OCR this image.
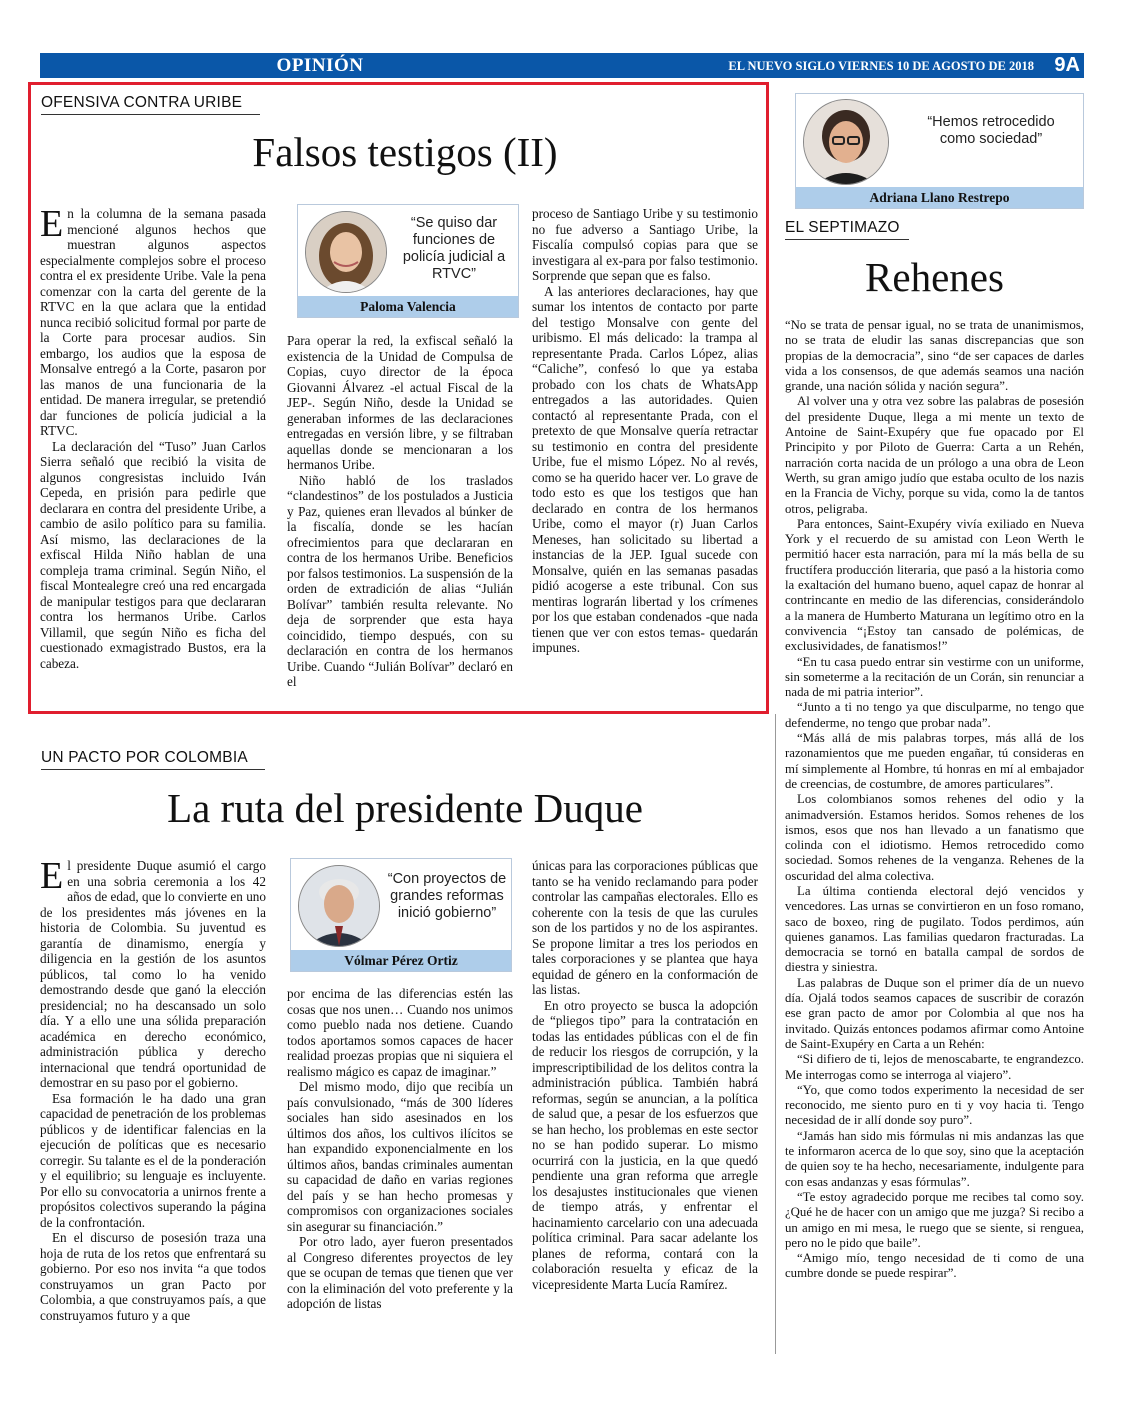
OPINIÓN	EL NUEVO SIGLO VIERNES 10 DE AGOSTO DE 2018 9A
OFENSIVA CONTRA URIBE
Falsos testigos (II)

En la columna de la semana pasada mencioné algunos hechos que muestran algunos aspectos especialmente complejos sobre el proceso contra el ex presidente Uribe. Vale la pena comenzar con la carta del gerente de la RTVC en la que aclara que la entidad nunca recibió solicitud formal por parte de la Corte para procesar audios. Sin embargo, los audios que la esposa de Monsalve entregó a la Corte, pasaron por las manos de una funcionaria de la entidad. De manera irregular, se pretendió dar funciones de policía judicial a la RTVC.

La declaración del “Tuso” Juan Carlos Sierra señaló que recibió la visita de algunos congresistas incluido Iván Cepeda, en prisión para pedirle que declarara en contra del presidente Uribe, a cambio de asilo político para su familia. Así mismo, las declaraciones de la exfiscal Hilda Niño hablan de una compleja trama criminal. Según Niño, el fiscal Montealegre creó una red encargada de manipular testigos para que declararan contra los hermanos Uribe. Carlos Villamil, que según Niño es ficha del cuestionado exmagistrado Bustos, era la cabeza.

“Se quiso dar funciones de policía judicial a RTVC”
Paloma Valencia

Para operar la red, la exfiscal señaló la existencia de la Unidad de Compulsa de Copias, cuyo director de la época Giovanni Álvarez -el actual Fiscal de la JEP-. Según Niño, desde la Unidad se generaban informes de las declaraciones entregadas en versión libre, y se filtraban aquellas donde se mencionaran a los hermanos Uribe.

Niño habló de los traslados “clandestinos” de los postulados a Justicia y Paz, quienes eran llevados al búnker de la fiscalía, donde se les hacían ofrecimientos para que declararan en contra de los hermanos Uribe. Beneficios por falsos testimonios. La suspensión de la orden de extradición de alias “Julián Bolívar” también resulta relevante. No deja de sorprender que esta haya coincidido, tiempo después, con su declaración en contra de los hermanos Uribe. Cuando “Julián Bolívar” declaró en el

proceso de Santiago Uribe y su testimonio no fue adverso a Santiago Uribe, la Fiscalía compulsó copias para que se investigara al ex-para por falso testimonio. Sorprende que sepan que es falso.

A las anteriores declaraciones, hay que sumar los intentos de contacto por parte del testigo Monsalve con gente del uribismo. El más delicado: la trampa al representante Prada. Carlos López, alias “Caliche”, confesó lo que ya estaba probado con los chats de WhatsApp entregados a las autoridades. Quien contactó al representante Prada, con el pretexto de que Monsalve quería retractar su testimonio en contra del presidente Uribe, fue el mismo López. No al revés, como se ha querido hacer ver. Lo grave de todo esto es que los testigos que han declarado en contra de los hermanos Uribe, como el mayor (r) Juan Carlos Meneses, han solicitado su libertad a instancias de la JEP. Igual sucede con Monsalve, quién en las semanas pasadas pidió acogerse a este tribunal. Con sus mentiras lograrán libertad y los crímenes por los que estaban condenados -que nada tienen que ver con estos temas- quedarán impunes.

UN PACTO POR COLOMBIA
La ruta del presidente Duque

El presidente Duque asumió el cargo en una sobria ceremonia a los 42 años de edad, que lo convierte en uno de los presidentes más jóvenes en la historia de Colombia. Su juventud es garantía de dinamismo, energía y diligencia en la gestión de los asuntos públicos, tal como lo ha venido demostrando desde que ganó la elección presidencial; no ha descansado un solo día. Y a ello une una sólida preparación académica en derecho económico, administración pública y derecho internacional que tendrá oportunidad de demostrar en su paso por el gobierno.

Esa formación le ha dado una gran capacidad de penetración de los problemas públicos y de identificar falencias en la ejecución de políticas que es necesario corregir. Su talante es el de la ponderación y el equilibrio; su lenguaje es incluyente. Por ello su convocatoria a unirnos frente a propósitos colectivos superando la página de la confrontación.

En el discurso de posesión traza una hoja de ruta de los retos que enfrentará su gobierno. Por eso nos invita “a que todos construyamos un gran Pacto por Colombia, a que construyamos país, a que construyamos futuro y a que

“Con proyectos de grandes reformas inició gobierno”
Vólmar Pérez Ortiz

por encima de las diferencias estén las cosas que nos unen… Cuando nos unimos como pueblo nada nos detiene. Cuando todos aportamos somos capaces de hacer realidad proezas propias que ni siquiera el realismo mágico es capaz de imaginar.”

Del mismo modo, dijo que recibía un país convulsionado, “más de 300 líderes sociales han sido asesinados en los últimos dos años, los cultivos ilícitos se han expandido exponencialmente en los últimos años, bandas criminales aumentan su capacidad de daño en varias regiones del país y se han hecho promesas y compromisos con organizaciones sociales sin asegurar su financiación.”

Por otro lado, ayer fueron presentados al Congreso diferentes proyectos de ley que se ocupan de temas que tienen que ver con la eliminación del voto preferente y la adopción de listas

únicas para las corporaciones públicas que tanto se ha venido reclamando para poder controlar las campañas electorales. Ello es coherente con la tesis de que las curules son de los partidos y no de los aspirantes. Se propone limitar a tres los periodos en tales corporaciones y se plantea que haya equidad de género en la conformación de las listas.

En otro proyecto se busca la adopción de “pliegos tipo” para la contratación en todas las entidades públicas con el de fin de reducir los riesgos de corrupción, y la imprescriptibilidad de los delitos contra la administración pública. También habrá reformas, según se anuncian, a la política de salud que, a pesar de los esfuerzos que se han hecho, los problemas en este sector no se han podido superar. Lo mismo ocurrirá con la justicia, en la que quedó pendiente una gran reforma que arregle los desajustes institucionales que vienen de tiempo atrás, y enfrentar el hacinamiento carcelario con una adecuada política criminal. Para sacar adelante los planes de reforma, contará con la colaboración resuelta y eficaz de la vicepresidente Marta Lucía Ramírez.

“Hemos retrocedido como sociedad”
Adriana Llano Restrepo
EL SEPTIMAZO
Rehenes

“No se trata de pensar igual, no se trata de unanimismos, no se trata de eludir las sanas discrepancias que son propias de la democracia”, sino “de ser capaces de darles vida a los consensos, de que además seamos una nación grande, una nación sólida y nación segura”.

Al volver una y otra vez sobre las palabras de posesión del presidente Duque, llega a mi mente un texto de Antoine de Saint-Exupéry que fue opacado por El Principito y por Piloto de Guerra: Carta a un Rehén, narración corta nacida de un prólogo a una obra de Leon Werth, su gran amigo judío que estaba oculto de los nazis en la Francia de Vichy, porque su vida, como la de tantos otros, peligraba.

Para entonces, Saint-Exupéry vivía exiliado en Nueva York y el recuerdo de su amistad con Leon Werth le permitió hacer esta narración, para mí la más bella de su fructífera producción literaria, que pasó a la historia como la exaltación del humano bueno, aquel capaz de honrar al contrincante en medio de las diferencias, considerándolo a la manera de Humberto Maturana un legítimo otro en la convivencia “¡Estoy tan cansado de polémicas, de exclusividades, de fanatismos!”

“En tu casa puedo entrar sin vestirme con un uniforme, sin someterme a la recitación de un Corán, sin renunciar a nada de mi patria interior”.

“Junto a ti no tengo ya que disculparme, no tengo que defenderme, no tengo que probar nada”.

“Más allá de mis palabras torpes, más allá de los razonamientos que me pueden engañar, tú consideras en mí simplemente al Hombre, tú honras en mí al embajador de creencias, de costumbre, de amores particulares”.

Los colombianos somos rehenes del odio y la animadversión. Estamos heridos. Somos rehenes de los ismos, esos que nos han llevado a un fanatismo que colinda con el idiotismo. Hemos retrocedido como sociedad. Somos rehenes de la venganza. Rehenes de la oscuridad del alma colectiva.

La última contienda electoral dejó vencidos y vencedores. Las urnas se convirtieron en un foso romano, saco de boxeo, ring de pugilato. Todos perdimos, aún quienes ganamos. Las familias quedaron fracturadas. La democracia se tornó en batalla campal de sordos de diestra y siniestra.

Las palabras de Duque son el primer día de un nuevo día. Ojalá todos seamos capaces de suscribir de corazón ese gran pacto de amor por Colombia al que nos ha invitado. Quizás entonces podamos afirmar como Antoine de Saint-Exupéry en Carta a un Rehén:

“Si difiero de ti, lejos de menoscabarte, te engrandezco. Me interrogas como se interroga al viajero”.

“Yo, que como todos experimento la necesidad de ser reconocido, me siento puro en ti y voy hacia ti. Tengo necesidad de ir allí donde soy puro”.

“Jamás han sido mis fórmulas ni mis andanzas las que te informaron acerca de lo que soy, sino que la aceptación de quien soy te ha hecho, necesariamente, indulgente para con esas andanzas y esas fórmulas”.

“Te estoy agradecido porque me recibes tal como soy. ¿Qué he de hacer con un amigo que me juzga? Si recibo a un amigo en mi mesa, le ruego que se siente, si renguea, pero no le pido que baile”.

“Amigo mío, tengo necesidad de ti como de una cumbre donde se puede respirar”.
